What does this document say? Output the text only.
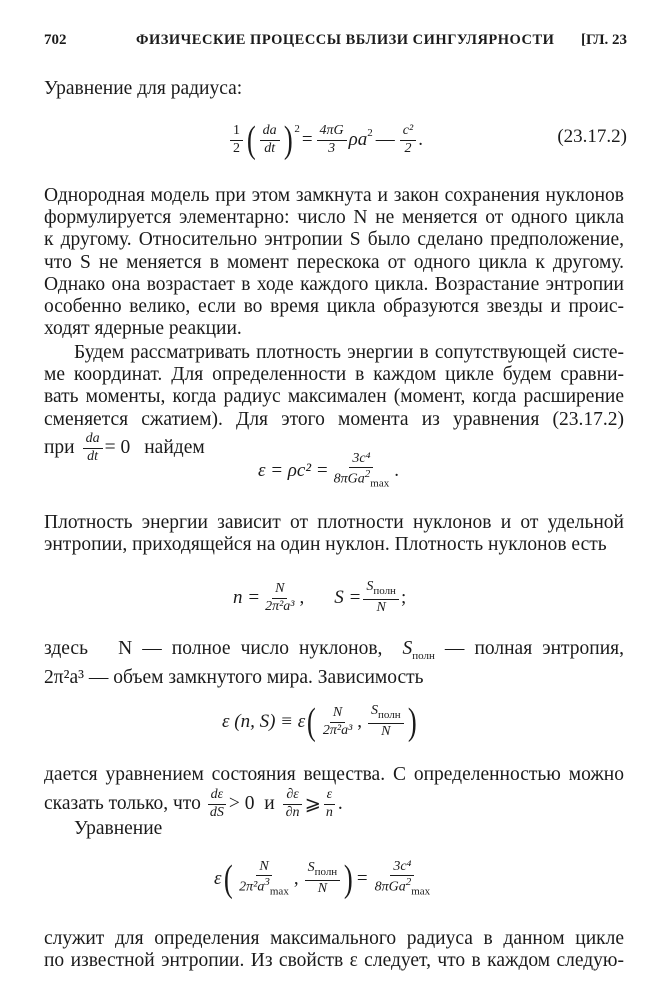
702	ФИЗИЧЕСКИЕ ПРОЦЕССЫ ВБЛИЗИ СИНГУЛЯРНОСТИ [ГЛ. 23

Уравнение для радиуса:

$\frac{1}{2}$ ( $\frac{da}{dt} )^2 = \frac{4\pi G}{3} \rho a^2$ — $\frac{\text{c²}}{2}$ .	(23.17.2)
Однородная модель при этом замкнута и закон сохранения нуклонов
формулируется элементарно: число N не меняется от одного цикла
к другому. Относительно энтропии S было сделано предположение,
что S не меняется в момент перескока от одного цикла к другому.
Однако она возрастает в ходе каждого цикла. Возрастание энтропии
особенно велико, если во время цикла образуются звезды и проис-
ходят ядерные реакции.
Будем рассматривать плотность энергии в сопутствующей систе-
ме координат. Для определенности в каждом цикле будем сравни-
вать моменты, когда радиус максимален (момент, когда расширение
сменяется сжатием). Для этого момента из уравнения (23.17.2)
при $\frac{da}{dt} = 0$ найдем
$\varepsilon = \rho c^2 = \frac{\text{3c⁴}}{8\pi Ga^2_{max}}$ .
Плотность энергии зависит от плотности нуклонов и от удельной
энтропии, приходящейся на один нуклон. Плотность нуклонов есть
$n = \frac{N}{\text{2π²a³}}$ , $S = \frac{S_{полн}}{N}$ ;
здесь N — полное число нуклонов, $S_{полн}$ — полная энтропия,
2π²a³ — объем замкнутого мира. Зависимость
ε (n, S) ≡ ε ( $\frac{N}{\text{2π²a³}}$ , $\frac{S_{полн}}{N}$ )
дается уравнением состояния вещества. С определенностью можно
сказать только, что $\frac{d\varepsilon}{dS} > 0$  и $\frac{\partial\varepsilon}{\partial n}$ ⩾ $\frac{\varepsilon}{n}$ .

Уравнение

ε ( $\frac{N}{2\pi^2a^3_{max}}$ , $\frac{S_{полн}}{N}$ ) = $\frac{\text{3c⁴}}{8\pi Ga^2_{max}}$
служит для определения максимального радиуса в данном цикле
по известной энтропии. Из свойств ε следует, что в каждом следую-
